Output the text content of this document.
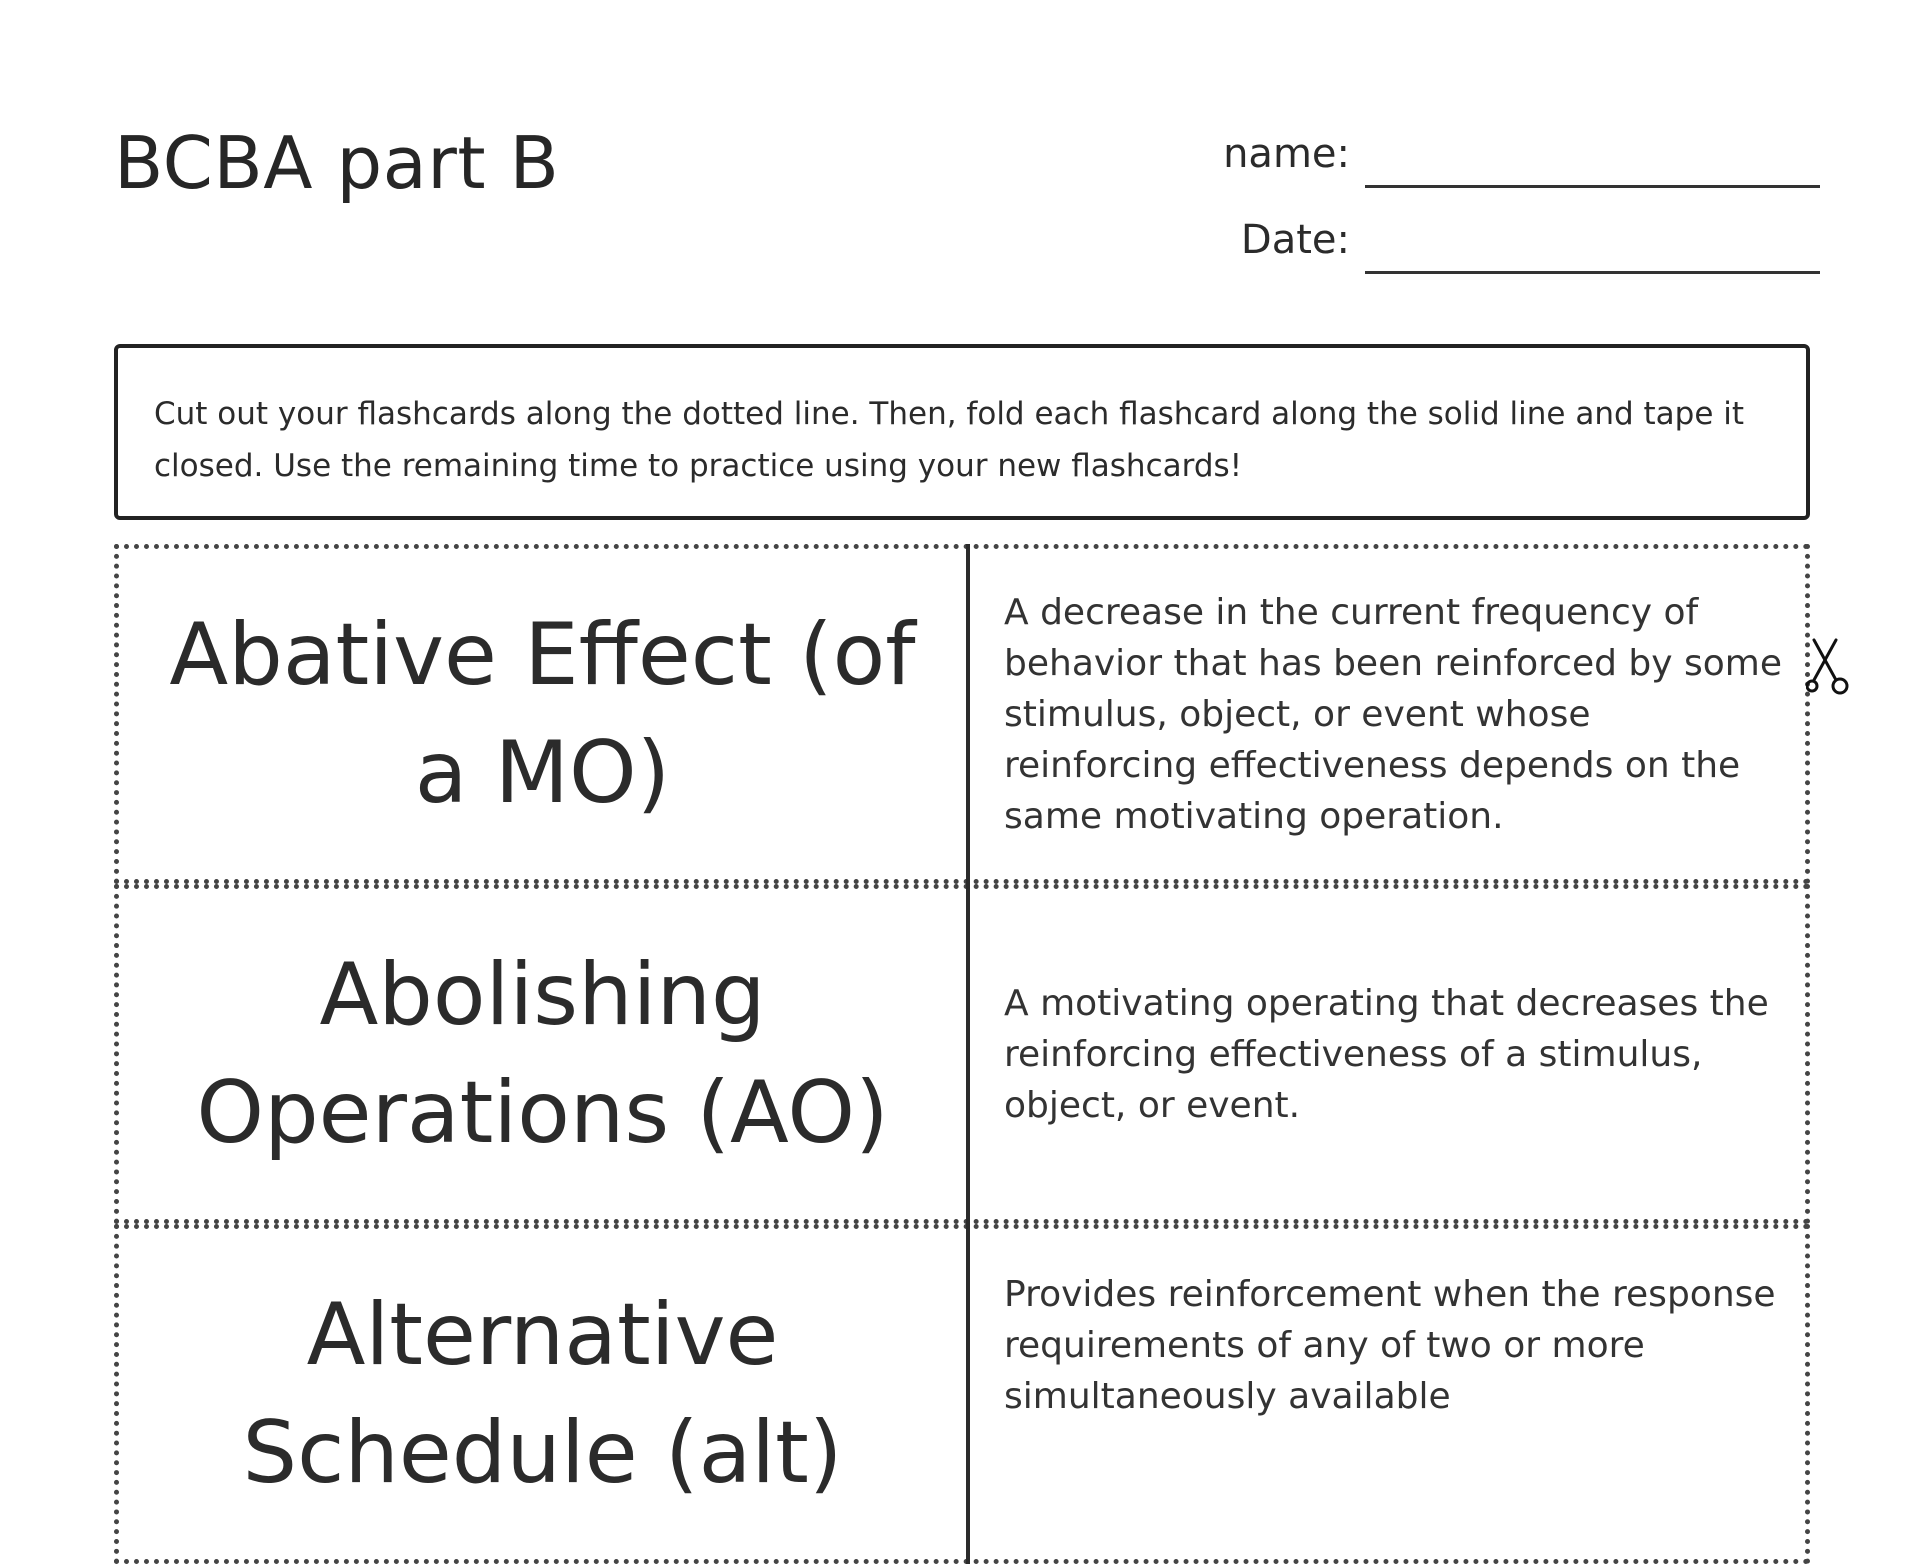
BCBA part B	name:
Date:
Cut out your flashcards along the dotted line. Then, fold each flashcard along the solid line and tape it closed. Use the remaining time to practice using your new flashcards!
Abative Effect (of a MO)
A decrease in the current frequency of behavior that has been reinforced by some stimulus, object, or event whose reinforcing effectiveness depends on the same motivating operation.
Abolishing Operations (AO)
A motivating operating that decreases the reinforcing effectiveness of a stimulus, object, or event.
Alternative Schedule (alt)
Provides reinforcement when the response requirements of any of two or more simultaneously available
